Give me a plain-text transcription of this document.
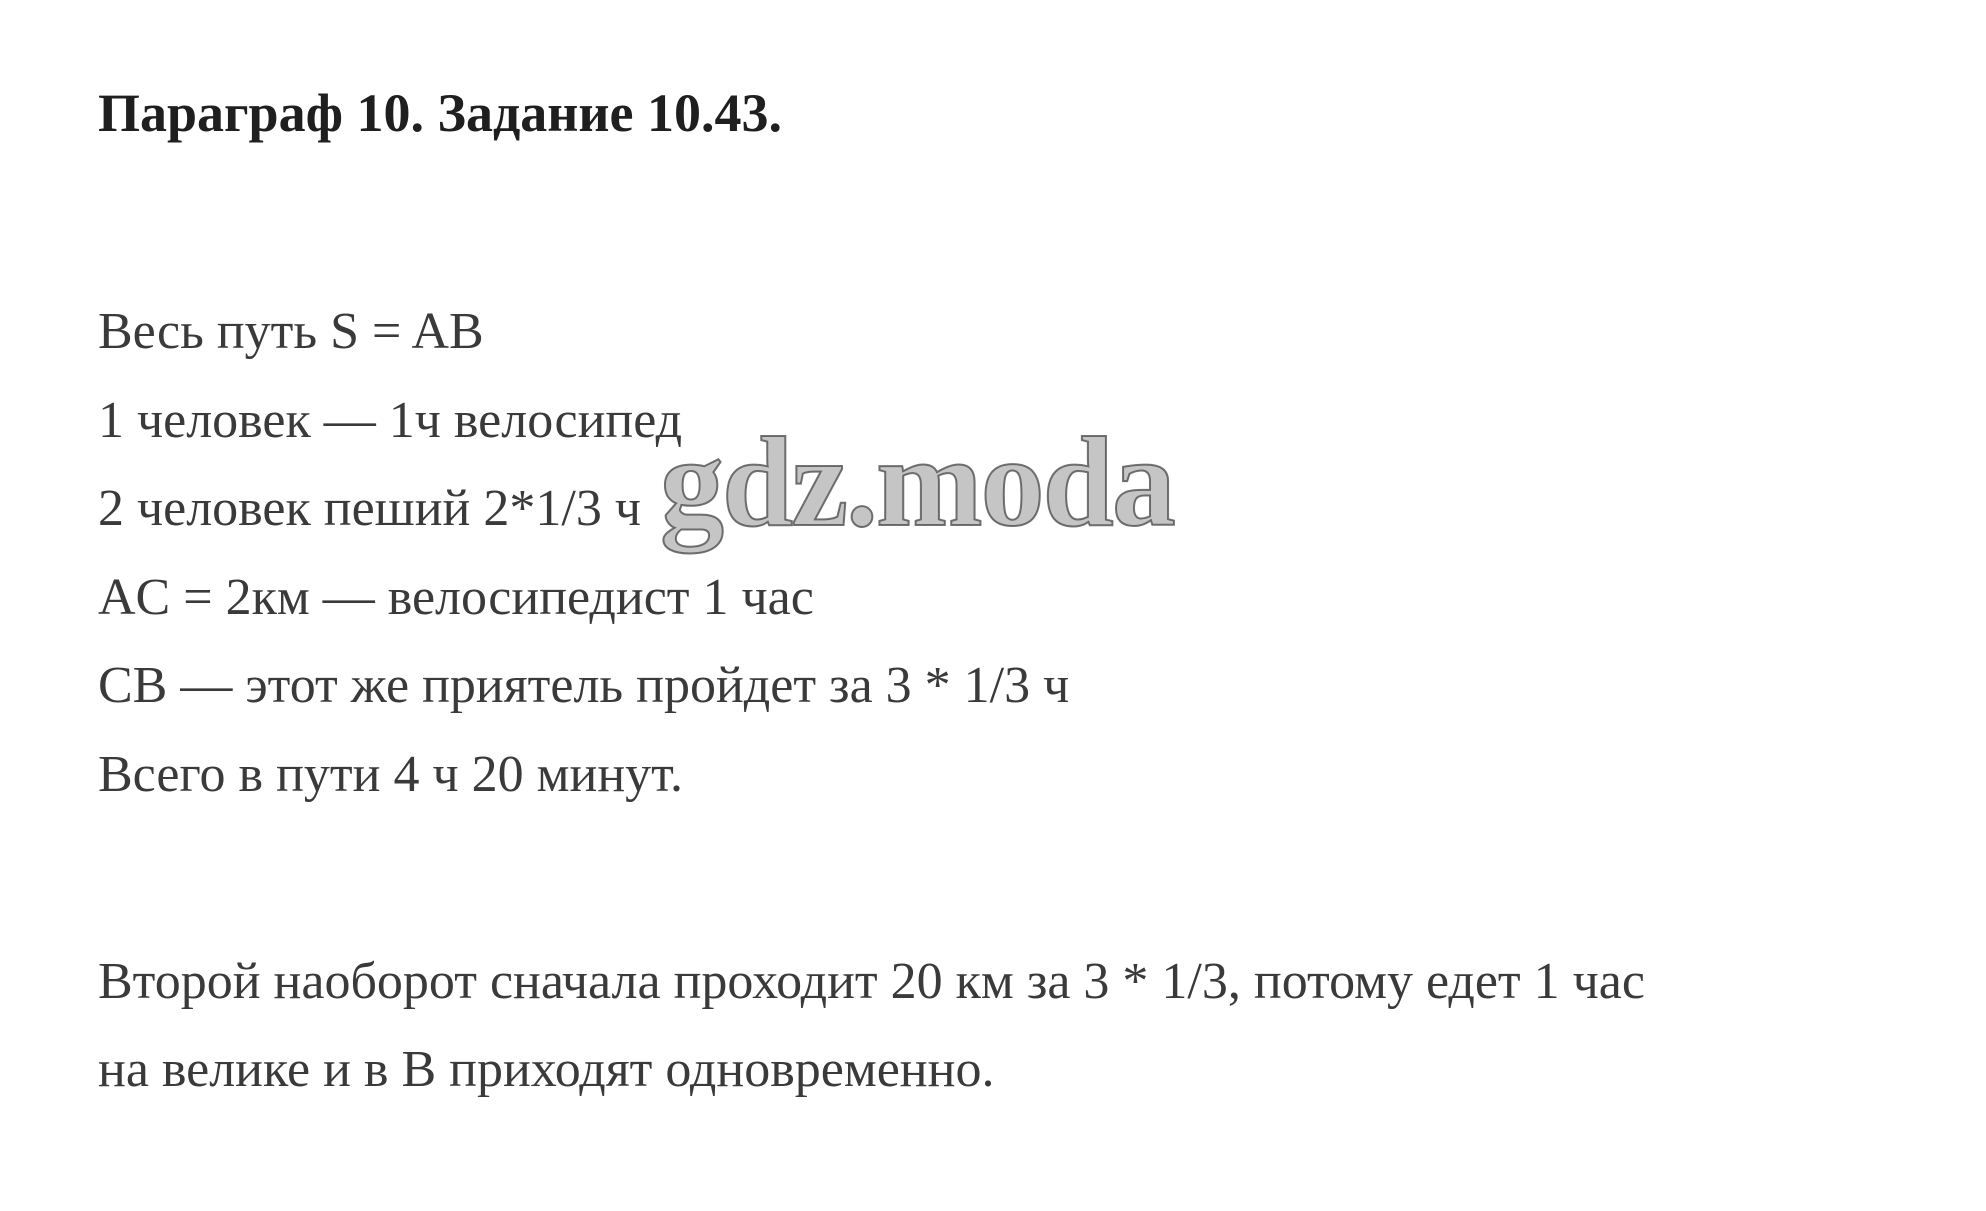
Параграф 10. Задание 10.43.
Весь путь S = AB
1 человек — 1ч велосипед
2 человек пеший 2*1/3 ч
AC = 2км — велосипедист 1 час
CB — этот же приятель пройдет за 3 * 1/3 ч
Всего в пути 4 ч 20 минут.
Второй наоборот сначала проходит 20 км за 3 * 1/3, потому едет 1 час
на велике и в B приходят одновременно.
gdz.moda
